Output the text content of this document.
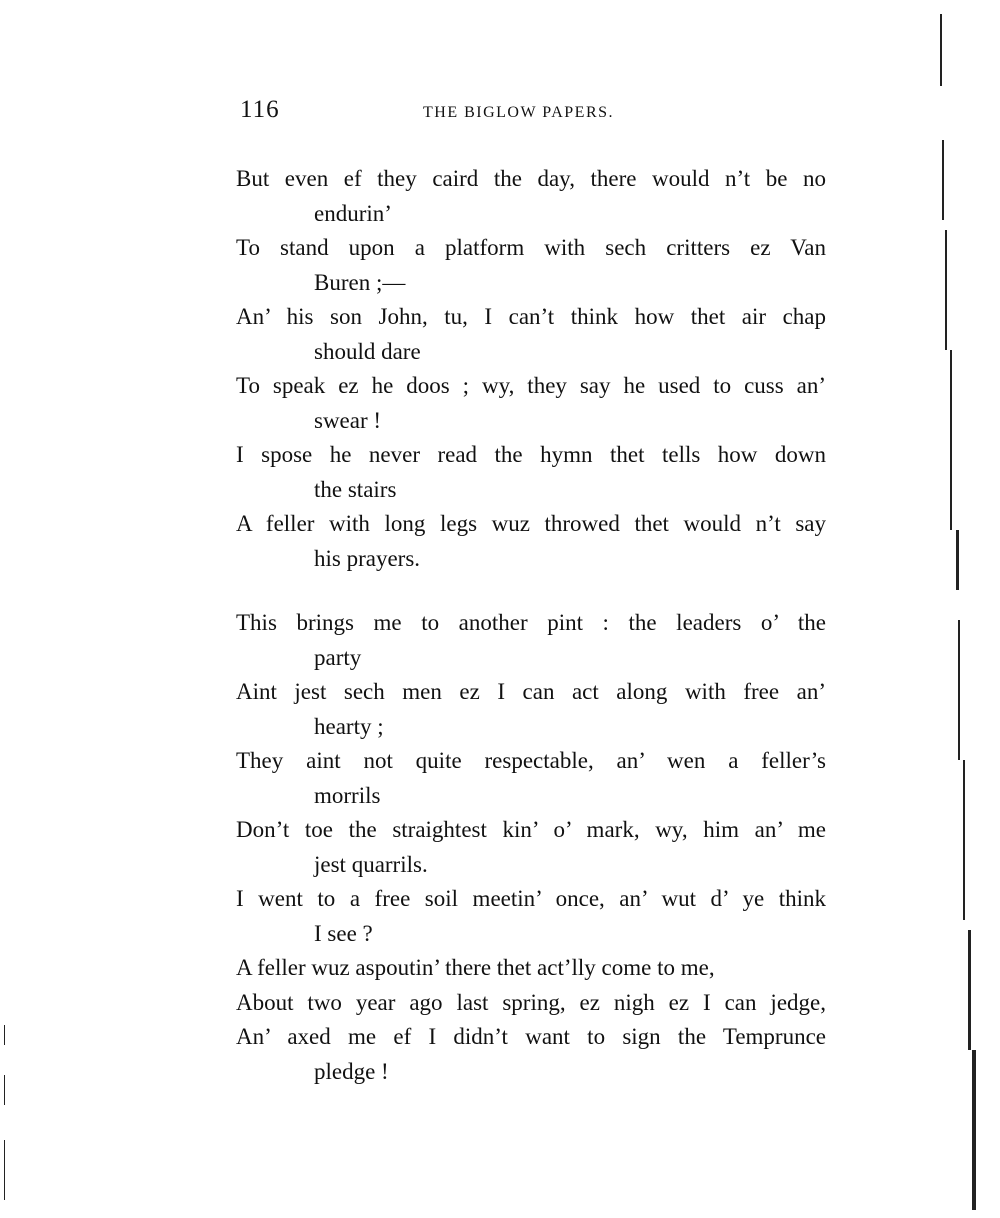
116	THE BIGLOW PAPERS.
But even ef they caird the day, there would n’t be no
endurin’
To stand upon a platform with sech critters ez Van
Buren ;—
An’ his son John, tu, I can’t think how thet air chap
should dare
To speak ez he doos ; wy, they say he used to cuss an’
swear !
I spose he never read the hymn thet tells how down
the stairs
A feller with long legs wuz throwed thet would n’t say
his prayers.
This brings me to another pint : the leaders o’ the
party
Aint jest sech men ez I can act along with free an’
hearty ;
They aint not quite respectable, an’ wen a feller’s
morrils
Don’t toe the straightest kin’ o’ mark, wy, him an’ me
jest quarrils.
I went to a free soil meetin’ once, an’ wut d’ ye think
I see ?
A feller wuz aspoutin’ there thet act’lly come to me,
About two year ago last spring, ez nigh ez I can jedge,
An’ axed me ef I didn’t want to sign the Temprunce
pledge !
